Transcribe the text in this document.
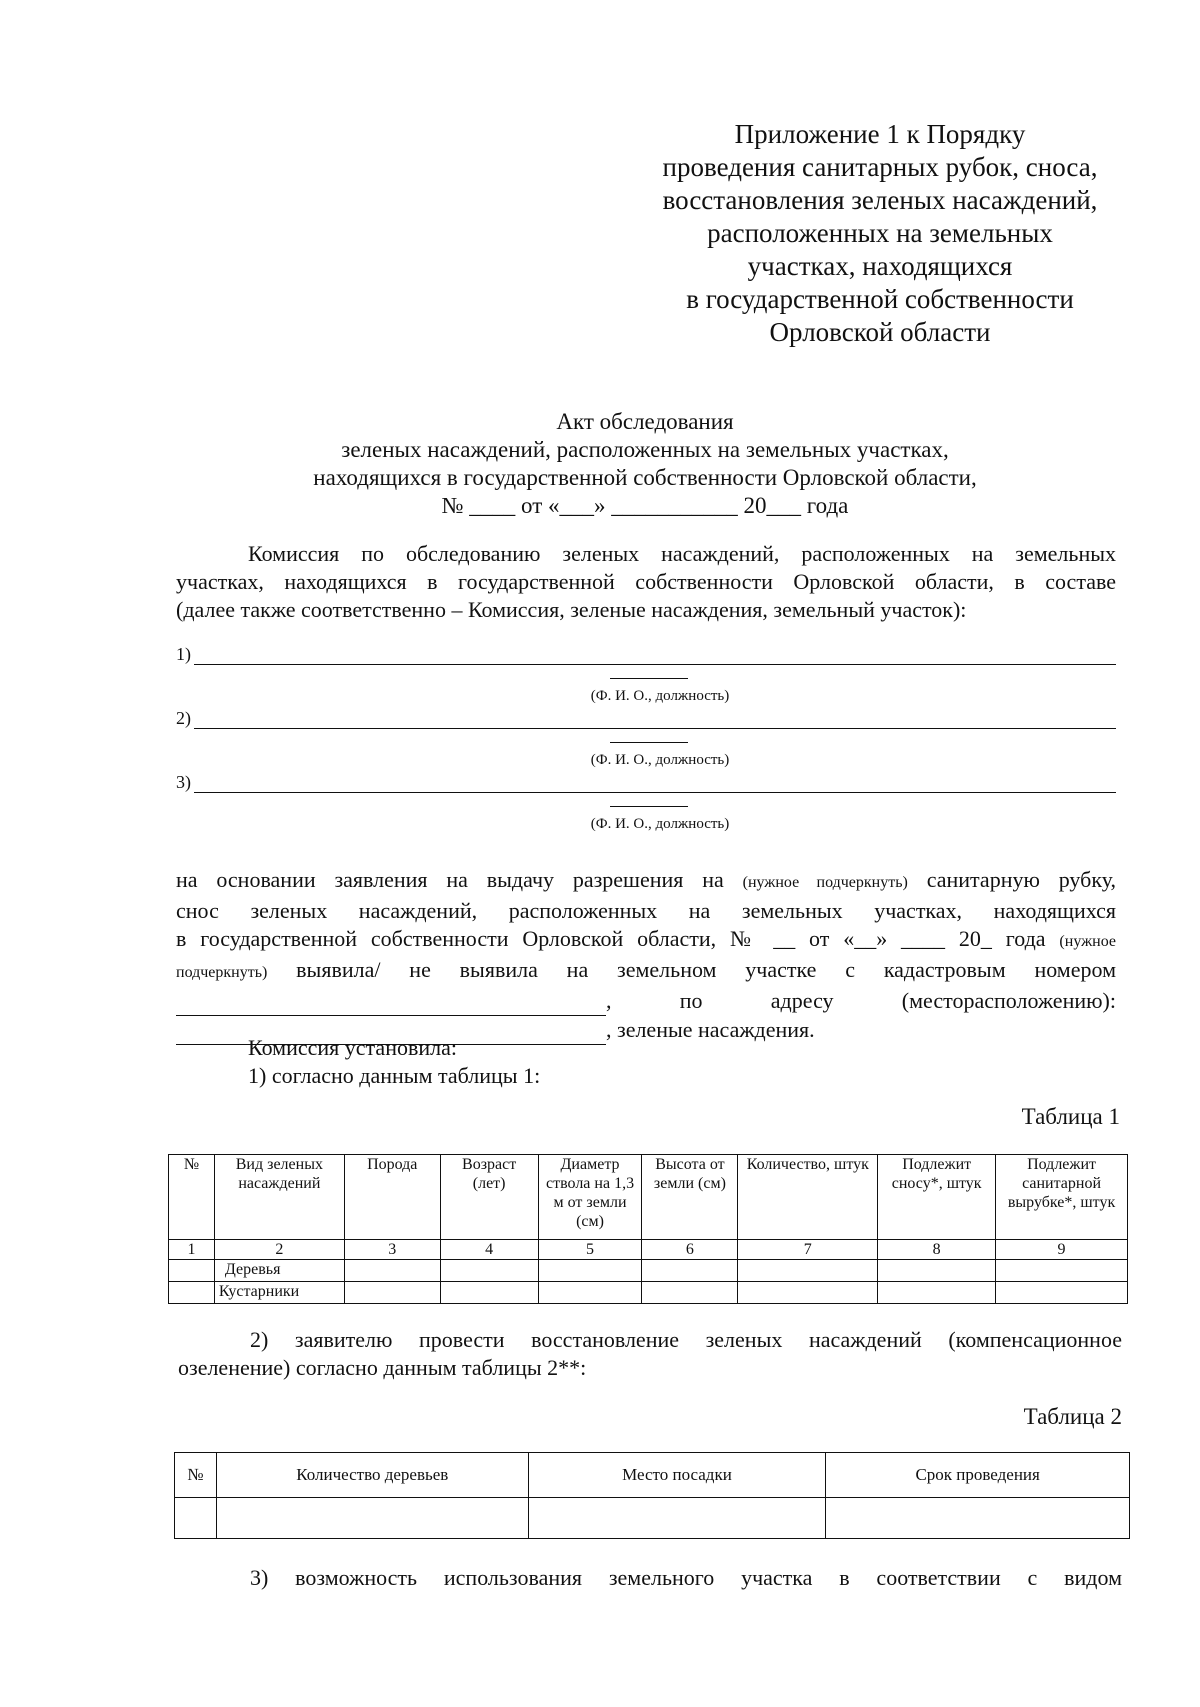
Приложение 1 к Порядку
проведения санитарных рубок, сноса,
восстановления зеленых насаждений,
расположенных на земельных
участках, находящихся
в государственной собственности
Орловской области
Акт обследования
зеленых насаждений, расположенных на земельных участках,
находящихся в государственной собственности Орловской области,
№ ____ от «___» ___________ 20___ года
Комиссия по обследованию зеленых насаждений, расположенных на земельных
участках, находящихся в государственной собственности Орловской области, в составе
(далее также соответственно – Комиссия, зеленые насаждения, земельный участок):
1)
(Ф. И. О., должность)
2)
(Ф. И. О., должность)
3)
(Ф. И. О., должность)
на основании заявления на выдачу разрешения на (нужное подчеркнуть) санитарную рубку,
снос зеленых насаждений, расположенных на земельных участках, находящихся
в государственной собственности Орловской области, № __ от «__» ____ 20_ года (нужное
подчеркнуть) выявила/ не выявила на земельном участке с кадастровым номером
, по адресу (месторасположению):
, зеленые насаждения.
Комиссия установила:
1) согласно данным таблицы 1:
Таблица 1
№	Вид зеленых насаждений	Порода	Возраст (лет)	Диаметр ствола на 1,3 м от земли (см)	Высота от земли (см)	Количество, штук	Подлежит сносу*, штук	Подлежит санитарной вырубке*, штук
1	2	3	4	5	6	7	8	9
	Деревья							
	Кустарники							
2) заявителю провести восстановление зеленых насаждений (компенсационное
озеленение) согласно данным таблицы 2**:
Таблица 2
№	Количество деревьев	Место посадки	Срок проведения

3) возможность использования земельного участка в соответствии с видом
